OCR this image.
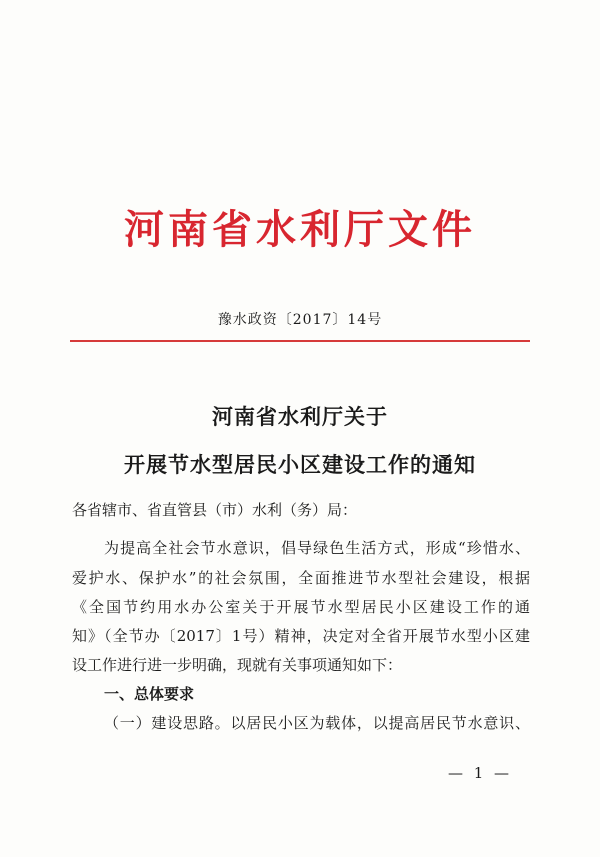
河南省水利厅文件
豫水政资〔2017〕14号
河南省水利厅关于
开展节水型居民小区建设工作的通知
各省辖市、省直管县（市）水利（务）局：
为提高全社会节水意识，倡导绿色生活方式，形成“珍惜水、
爱护水、保护水”的社会氛围，全面推进节水型社会建设，根据
《全国节约用水办公室关于开展节水型居民小区建设工作的通
知》（全节办〔2017〕1号）精神，决定对全省开展节水型小区建
设工作进行进一步明确，现就有关事项通知如下：
一、总体要求
（一）建设思路。以居民小区为载体，以提高居民节水意识、
— 1 —
